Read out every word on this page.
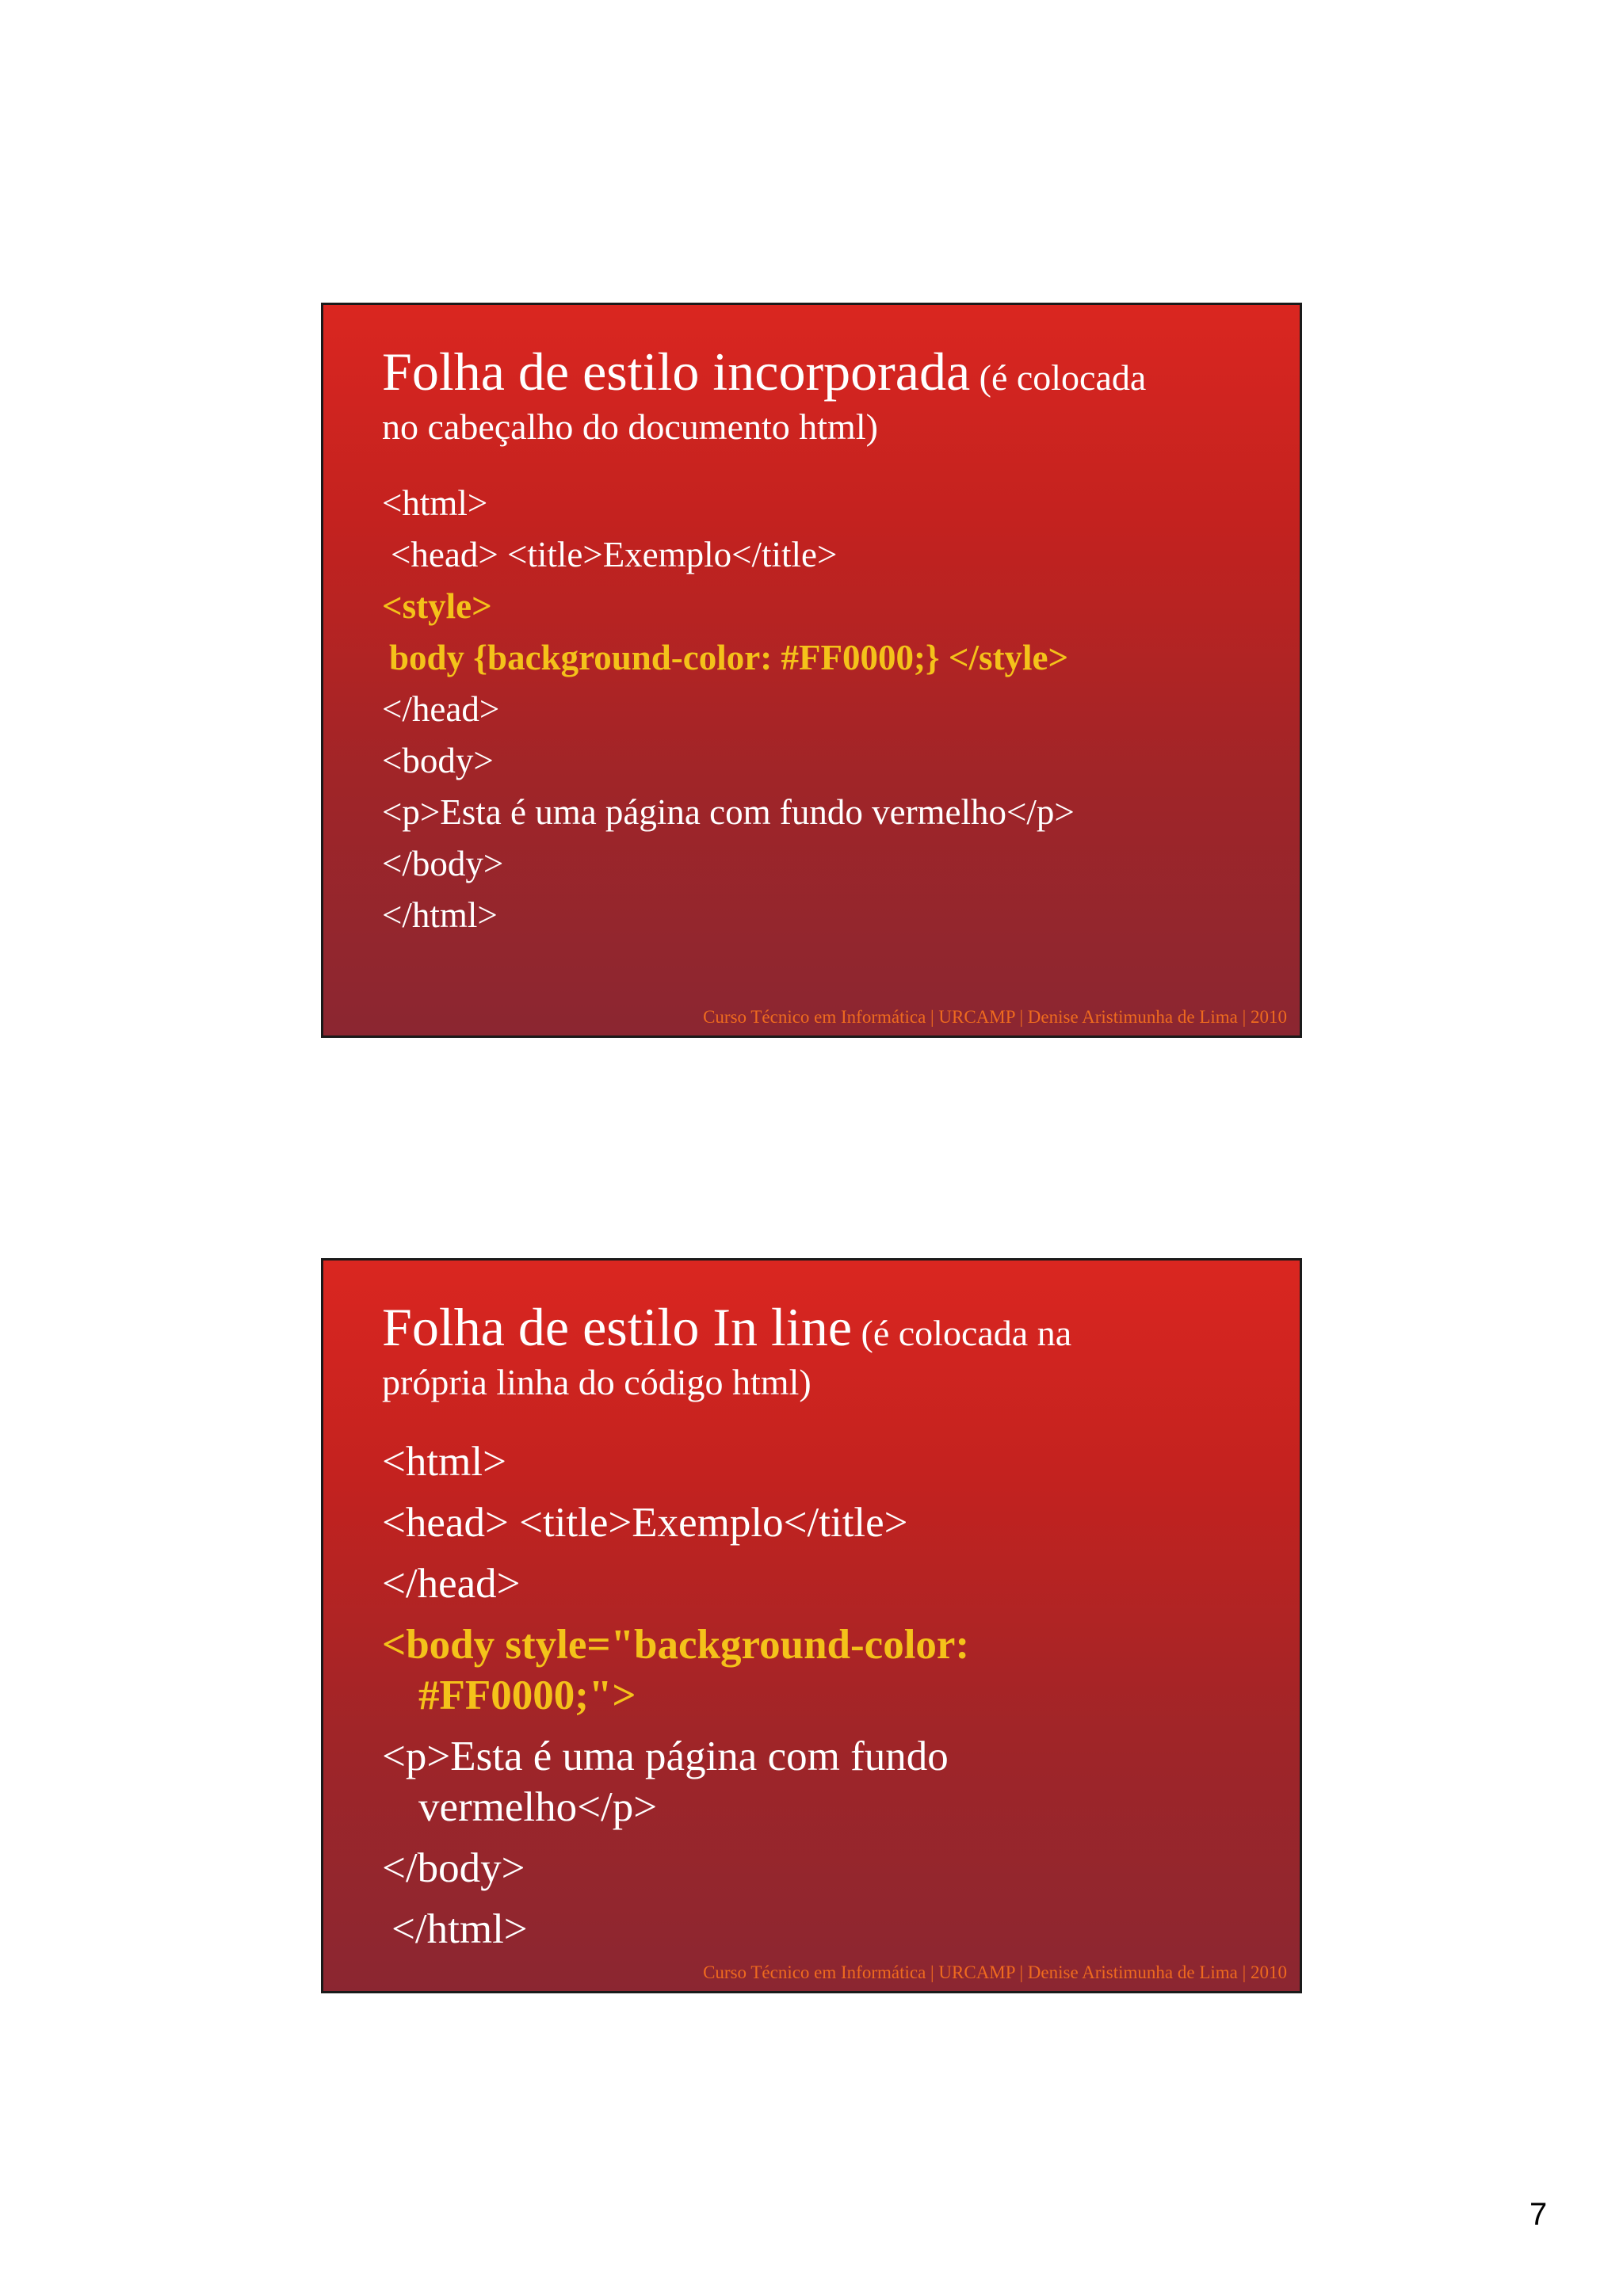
Folha de estilo incorporada (é colocada
no cabeçalho do documento html)
<html>
<head> <title>Exemplo</title>
<style>
body {background-color: #FF0000;} </style>
</head>
<body>
<p>Esta é uma página com fundo vermelho</p>
</body>
</html>
Curso Técnico em Informática | URCAMP | Denise Aristimunha de Lima | 2010
Folha de estilo In line (é colocada na
própria linha do código html)
<html>
<head> <title>Exemplo</title>
</head>
<body style="background-color:
#FF0000;">
<p>Esta é uma página com fundo
vermelho</p>
</body>
</html>
Curso Técnico em Informática | URCAMP | Denise Aristimunha de Lima | 2010
7
